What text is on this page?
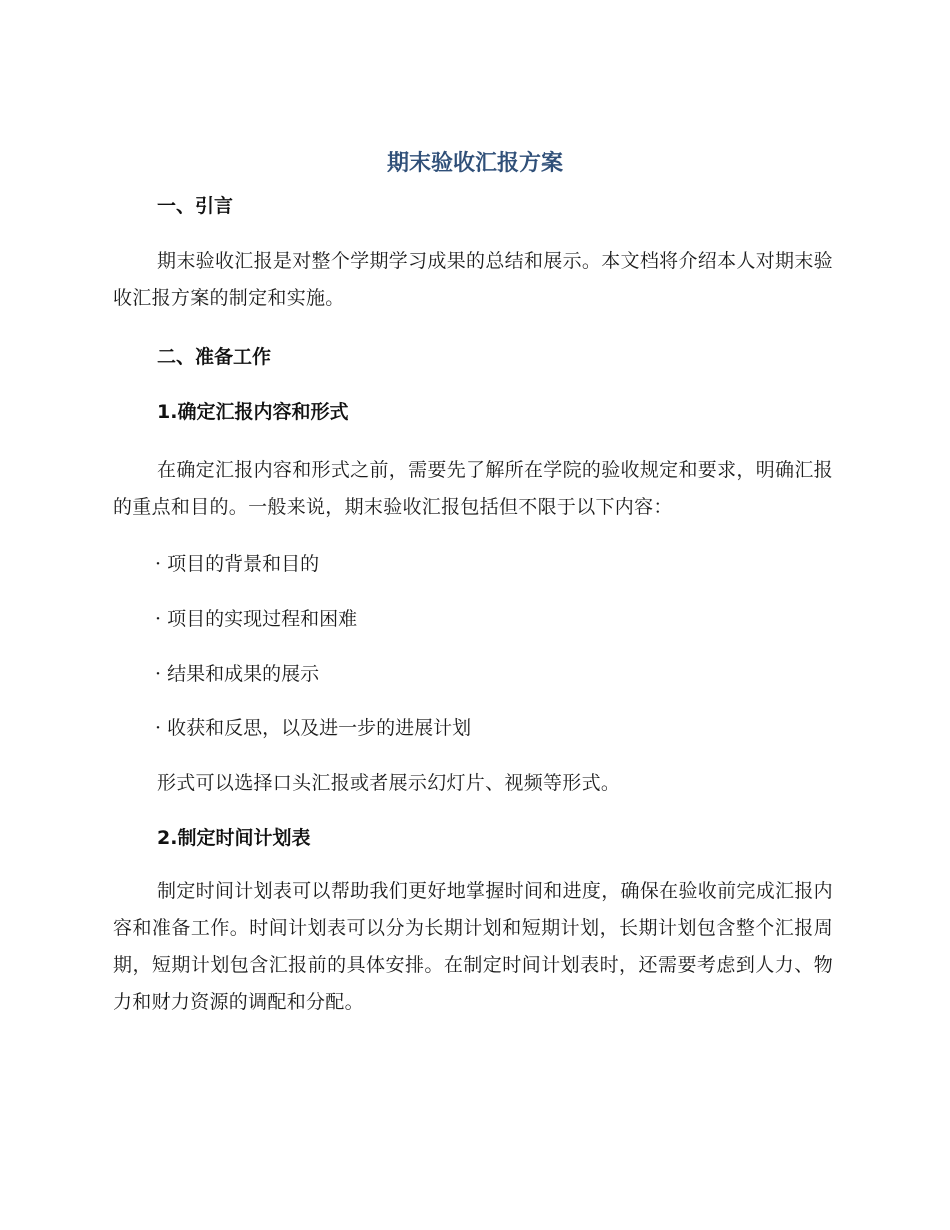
期末验收汇报方案
一、引言

期末验收汇报是对整个学期学习成果的总结和展示。本文档将介绍本人对期末验收汇报方案的制定和实施。

二、准备工作
1.确定汇报内容和形式

在确定汇报内容和形式之前，需要先了解所在学院的验收规定和要求，明确汇报的重点和目的。一般来说，期末验收汇报包括但不限于以下内容：

· 项目的背景和目的

· 项目的实现过程和困难

· 结果和成果的展示

· 收获和反思，以及进一步的进展计划

形式可以选择口头汇报或者展示幻灯片、视频等形式。

2.制定时间计划表

制定时间计划表可以帮助我们更好地掌握时间和进度，确保在验收前完成汇报内容和准备工作。时间计划表可以分为长期计划和短期计划，长期计划包含整个汇报周期，短期计划包含汇报前的具体安排。在制定时间计划表时，还需要考虑到人力、物力和财力资源的调配和分配。
